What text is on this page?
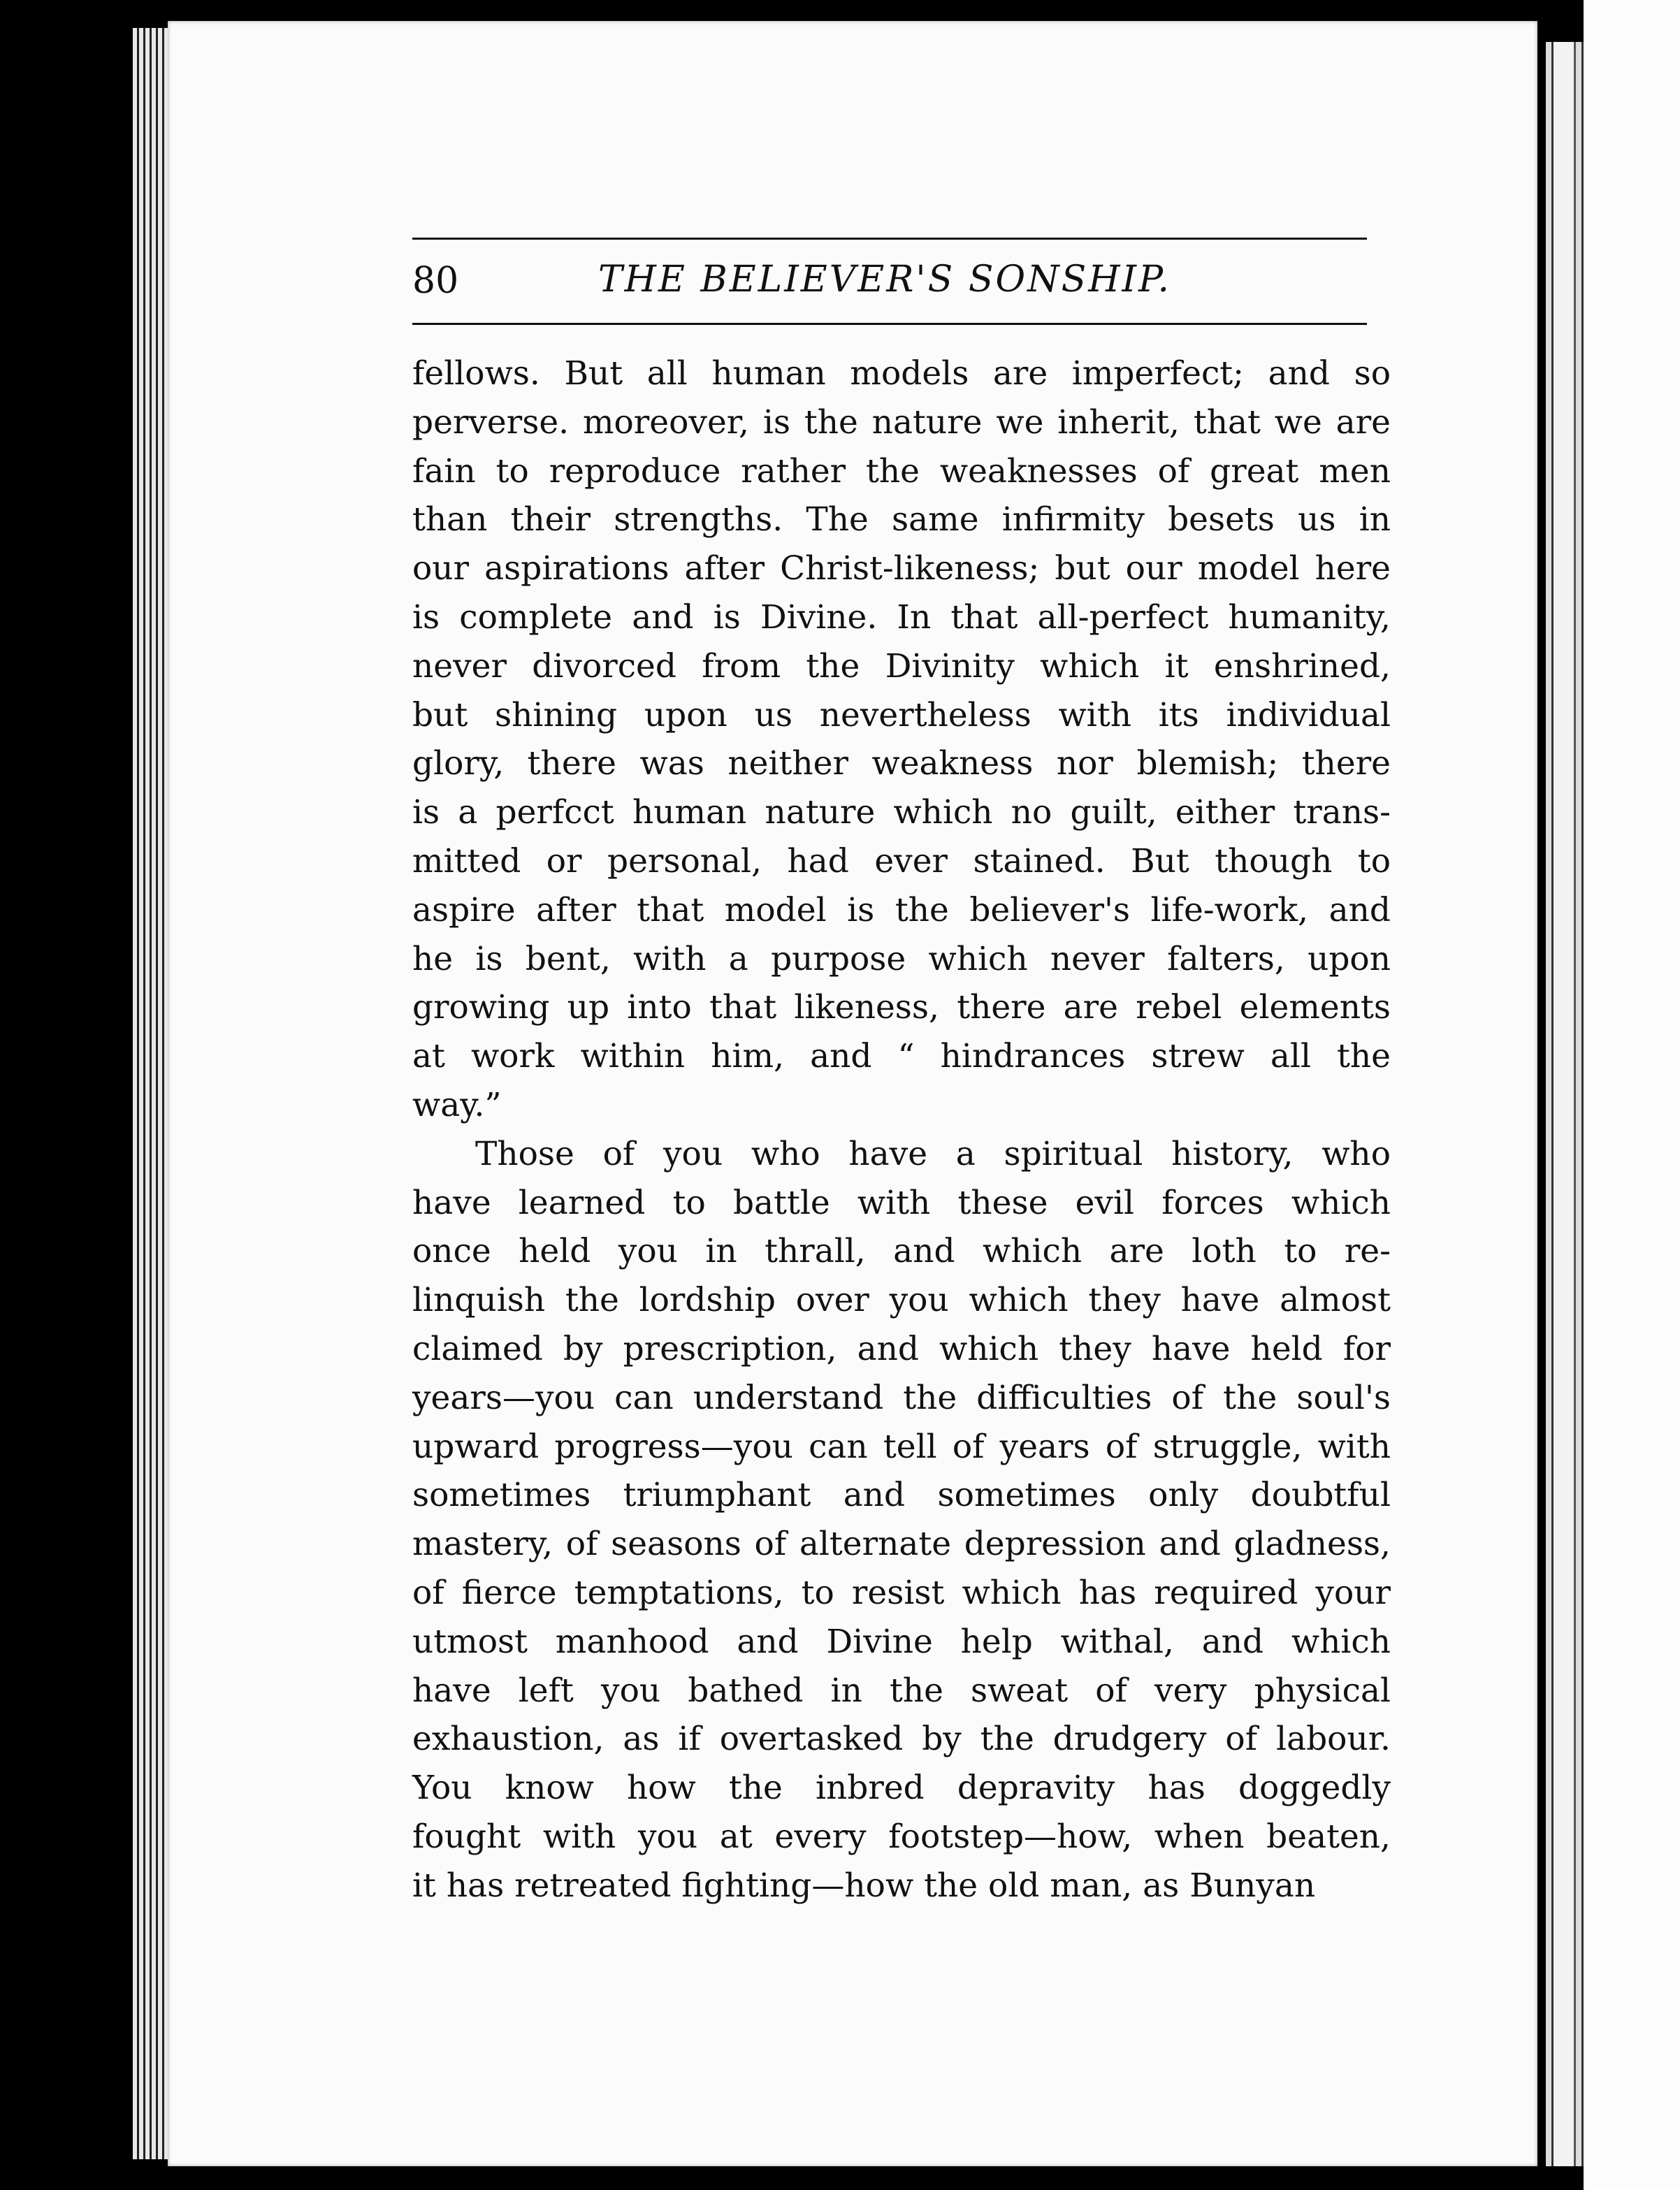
80	THE BELIEVER'S SONSHIP.
fellows. But all human models are imperfect; and so
perverse. moreover, is the nature we inherit, that we are
fain to reproduce rather the weaknesses of great men
than their strengths. The same infirmity besets us in
our aspirations after Christ-likeness; but our model here
is complete and is Divine. In that all-perfect humanity,
never divorced from the Divinity which it enshrined,
but shining upon us nevertheless with its individual
glory, there was neither weakness nor blemish; there
is a perfcct human nature which no guilt, either trans-
mitted or personal, had ever stained. But though to
aspire after that model is the believer's life-work, and
he is bent, with a purpose which never falters, upon
growing up into that likeness, there are rebel elements
at work within him, and “ hindrances strew all the
way.”
Those of you who have a spiritual history, who
have learned to battle with these evil forces which
once held you in thrall, and which are loth to re-
linquish the lordship over you which they have almost
claimed by prescription, and which they have held for
years—you can understand the difficulties of the soul's
upward progress—you can tell of years of struggle, with
sometimes triumphant and sometimes only doubtful
mastery, of seasons of alternate depression and gladness,
of fierce temptations, to resist which has required your
utmost manhood and Divine help withal, and which
have left you bathed in the sweat of very physical
exhaustion, as if overtasked by the drudgery of labour.
You know how the inbred depravity has doggedly
fought with you at every footstep—how, when beaten,
it has retreated fighting—how the old man, as Bunyan
